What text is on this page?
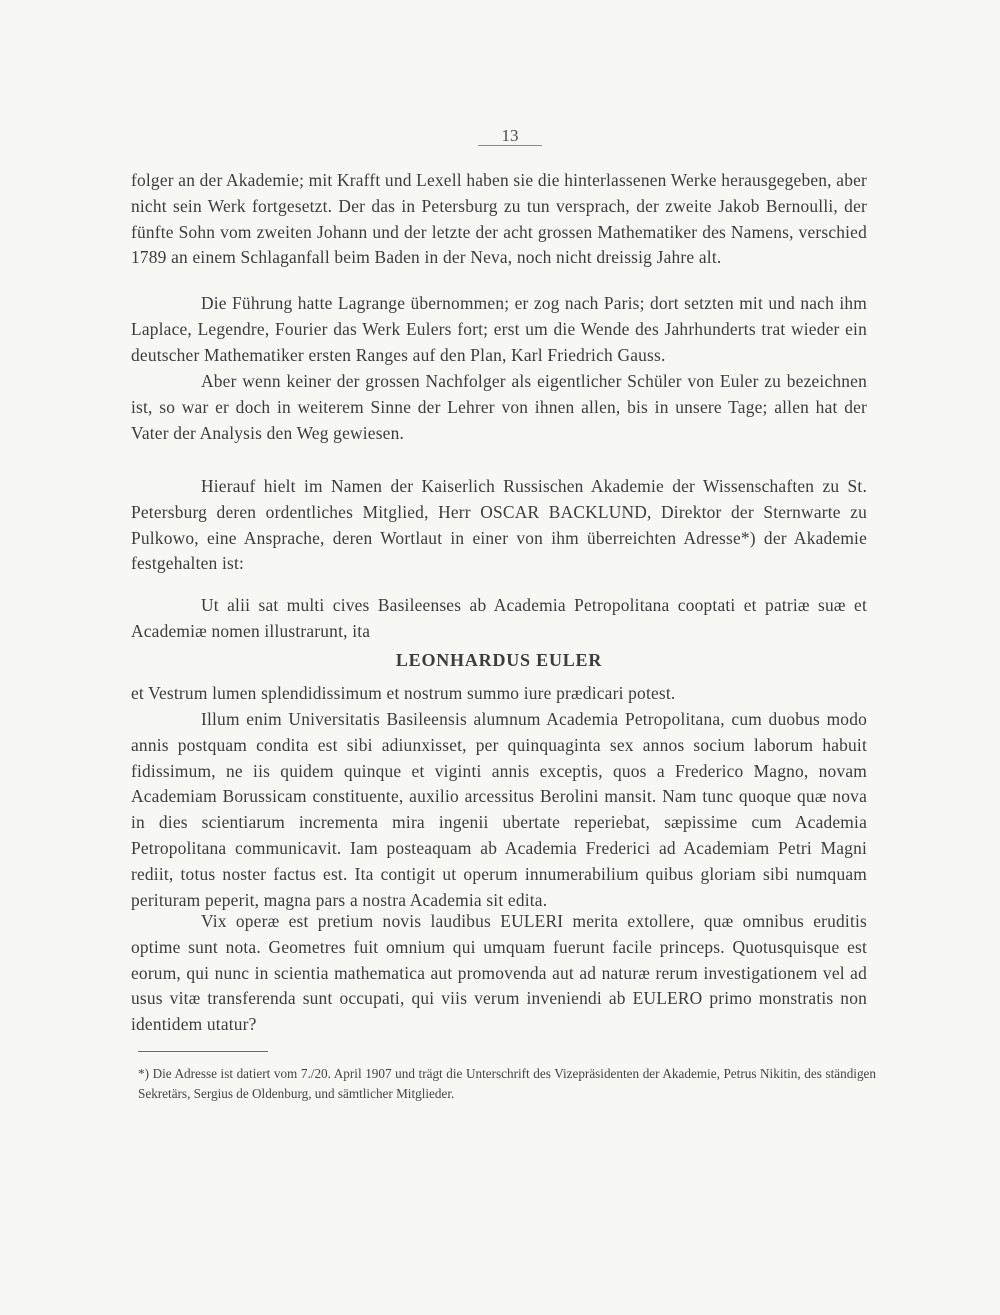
13

folger an der Akademie; mit Krafft und Lexell haben sie die hinterlassenen Werke herausgegeben, aber nicht sein Werk fortgesetzt. Der das in Petersburg zu tun versprach, der zweite Jakob Bernoulli, der fünfte Sohn vom zweiten Johann und der letzte der acht grossen Mathematiker des Namens, verschied 1789 an einem Schlaganfall beim Baden in der Neva, noch nicht dreissig Jahre alt.

Die Führung hatte Lagrange übernommen; er zog nach Paris; dort setzten mit und nach ihm Laplace, Legendre, Fourier das Werk Eulers fort; erst um die Wende des Jahrhunderts trat wieder ein deutscher Mathematiker ersten Ranges auf den Plan, Karl Friedrich Gauss.

Aber wenn keiner der grossen Nachfolger als eigentlicher Schüler von Euler zu bezeichnen ist, so war er doch in weiterem Sinne der Lehrer von ihnen allen, bis in unsere Tage; allen hat der Vater der Analysis den Weg gewiesen.

Hierauf hielt im Namen der Kaiserlich Russischen Akademie der Wissenschaften zu St. Petersburg deren ordentliches Mitglied, Herr OSCAR BACKLUND, Direktor der Sternwarte zu Pulkowo, eine Ansprache, deren Wortlaut in einer von ihm überreichten Adresse*) der Akademie festgehalten ist:

Ut alii sat multi cives Basileenses ab Academia Petropolitana cooptati et patriæ suæ et Academiæ nomen illustrarunt, ita

LEONHARDUS EULER

et Vestrum lumen splendidissimum et nostrum summo iure prædicari potest.

Illum enim Universitatis Basileensis alumnum Academia Petropolitana, cum duobus modo annis postquam condita est sibi adiunxisset, per quinquaginta sex annos socium laborum habuit fidissimum, ne iis quidem quinque et viginti annis exceptis, quos a Frederico Magno, novam Academiam Borussicam constituente, auxilio arcessitus Berolini mansit. Nam tunc quoque quæ nova in dies scientiarum incrementa mira ingenii ubertate reperiebat, sæpissime cum Academia Petropolitana communicavit. Iam posteaquam ab Academia Frederici ad Academiam Petri Magni rediit, totus noster factus est. Ita contigit ut operum innumerabilium quibus gloriam sibi numquam perituram peperit, magna pars a nostra Academia sit edita.

Vix operæ est pretium novis laudibus EULERI merita extollere, quæ omnibus eruditis optime sunt nota. Geometres fuit omnium qui umquam fuerunt facile princeps. Quotusquisque est eorum, qui nunc in scientia mathematica aut promovenda aut ad naturæ rerum investigationem vel ad usus vitæ transferenda sunt occupati, qui viis verum inveniendi ab EULERO primo monstratis non identidem utatur?

*) Die Adresse ist datiert vom 7./20. April 1907 und trägt die Unterschrift des Vizepräsidenten der Akademie, Petrus Nikitin, des ständigen Sekretärs, Sergius de Oldenburg, und sämtlicher Mitglieder.
